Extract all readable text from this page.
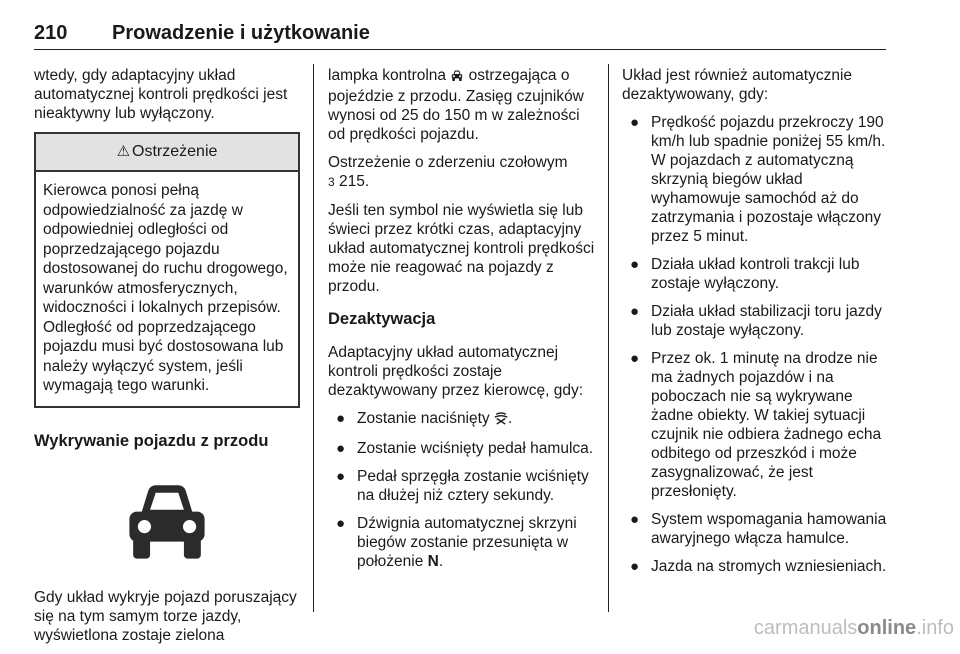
210 Prowadzenie i użytkowanie

wtedy, gdy adaptacyjny układ automatycznej kontroli prędkości jest nieaktywny lub wyłączony.

⚠ Ostrzeżenie
Kierowca ponosi pełną odpowiedzialność za jazdę w odpowiedniej odległości od poprzedzającego pojazdu dostosowanej do ruchu drogowego, warunków atmosferycznych, widoczności i lokalnych przepisów. Odległość od poprzedzającego pojazdu musi być dostosowana lub należy wyłączyć system, jeśli wymagają tego warunki.
Wykrywanie pojazdu z przodu

Gdy układ wykryje pojazd poruszający się na tym samym torze jazdy, wyświetlona zostaje zielona

lampka kontrolna  ostrzegająca o pojeździe z przodu. Zasięg czujników wynosi od 25 do 150 m w zależności od prędkości pojazdu.

Ostrzeżenie o zderzeniu czołowym
3 215.

Jeśli ten symbol nie wyświetla się lub świeci przez krótki czas, adaptacyjny układ automatycznej kontroli prędkości może nie reagować na pojazdy z przodu.

Dezaktywacja

Adaptacyjny układ automatycznej kontroli prędkości zostaje dezaktywowany przez kierowcę, gdy:

● Zostanie naciśnięty .
● Zostanie wciśnięty pedał hamulca.
● Pedał sprzęgła zostanie wciśnięty na dłużej niż cztery sekundy.
● Dźwignia automatycznej skrzyni biegów zostanie przesunięta w położenie N.

Układ jest również automatycznie dezaktywowany, gdy:

● Prędkość pojazdu przekroczy 190 km/h lub spadnie poniżej 55 km/h. W pojazdach z automatyczną skrzynią biegów układ wyhamowuje samochód aż do zatrzymania i pozostaje włączony przez 5 minut.
● Działa układ kontroli trakcji lub zostaje wyłączony.
● Działa układ stabilizacji toru jazdy lub zostaje wyłączony.
● Przez ok. 1 minutę na drodze nie ma żadnych pojazdów i na poboczach nie są wykrywane żadne obiekty. W takiej sytuacji czujnik nie odbiera żadnego echa odbitego od przeszkód i może zasygnalizować, że jest przesłonięty.
● System wspomagania hamowania awaryjnego włącza hamulce.
● Jazda na stromych wzniesieniach.
carmanualsonline.info
